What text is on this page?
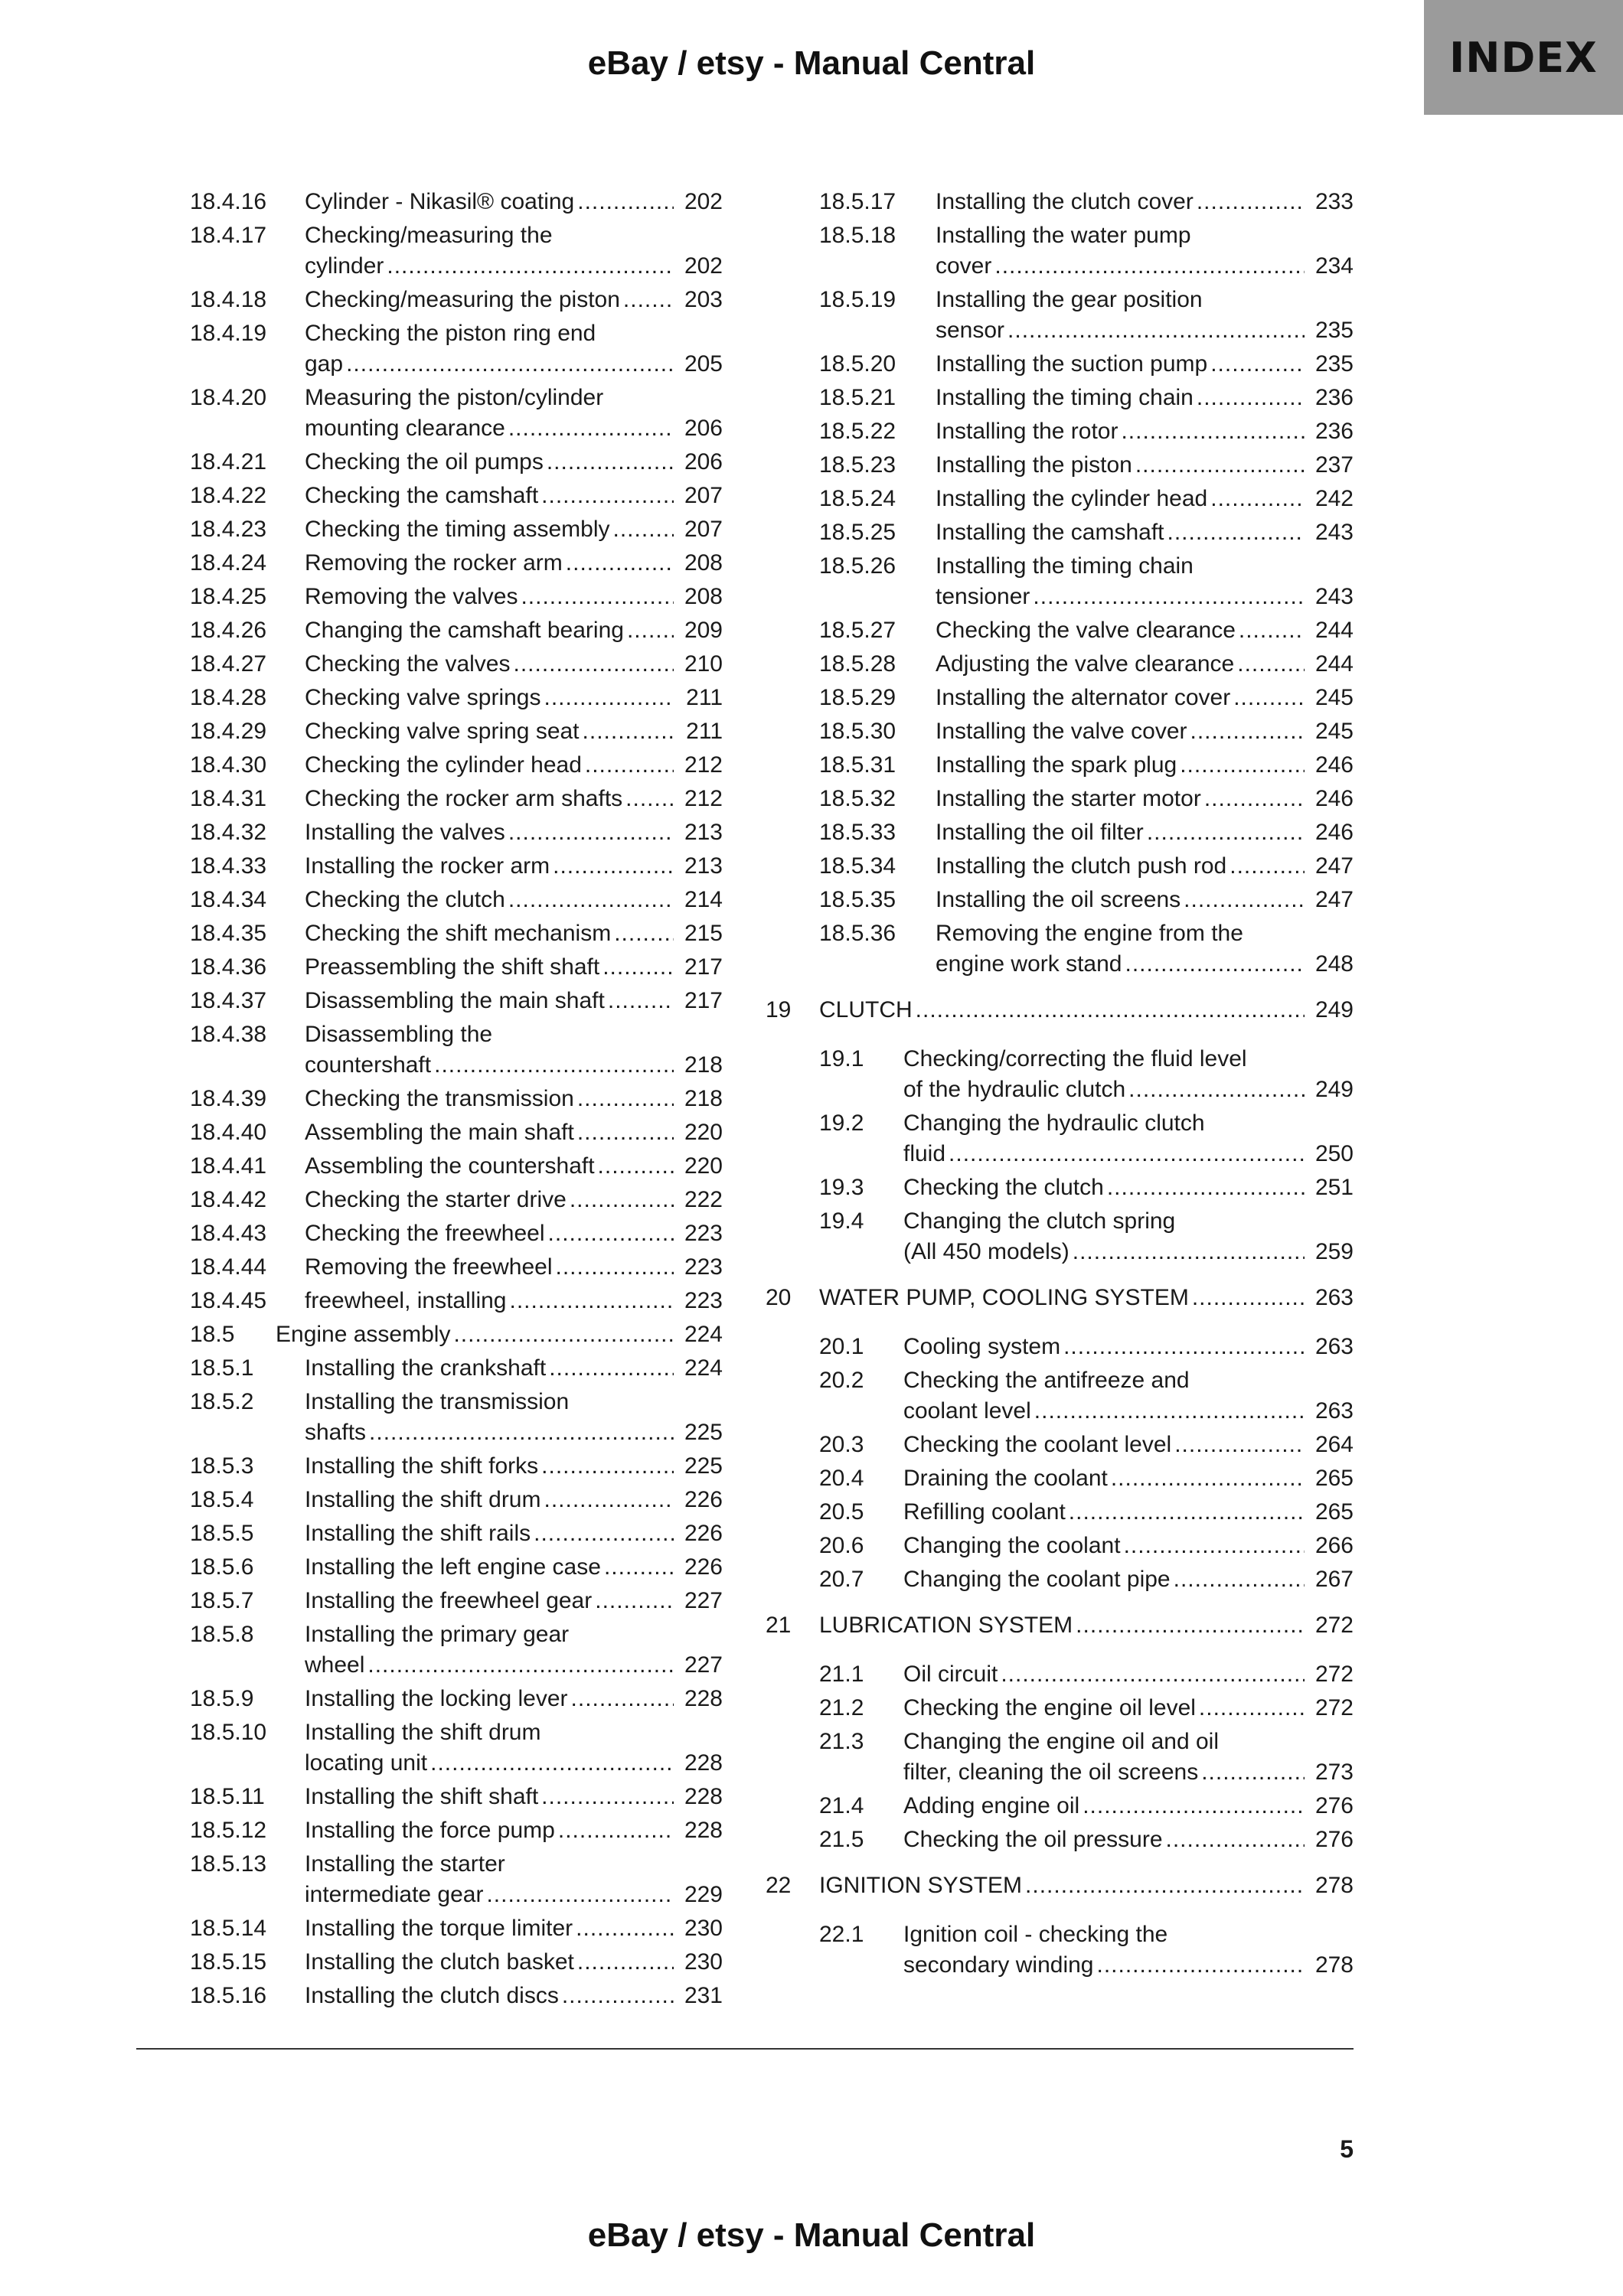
eBay / etsy - Manual Central	INDEX
18.4.16 Cylinder - Nikasil® coating .....	202
18.4.17 Checking/measuring the
cylinder .....	202
18.4.18 Checking/measuring the piston .....	203
18.4.19 Checking the piston ring end
gap .....	205
18.4.20 Measuring the piston/cylinder
mounting clearance .....	206
18.4.21 Checking the oil pumps .....	206
18.4.22 Checking the camshaft .....	207
18.4.23 Checking the timing assembly .....	207
18.4.24 Removing the rocker arm .....	208
18.4.25 Removing the valves .....	208
18.4.26 Changing the camshaft bearing .....	209
18.4.27 Checking the valves .....	210
18.4.28 Checking valve springs .....	211
18.4.29 Checking valve spring seat .....	211
18.4.30 Checking the cylinder head .....	212
18.4.31 Checking the rocker arm shafts .....	212
18.4.32 Installing the valves .....	213
18.4.33 Installing the rocker arm .....	213
18.4.34 Checking the clutch .....	214
18.4.35 Checking the shift mechanism .....	215
18.4.36 Preassembling the shift shaft .....	217
18.4.37 Disassembling the main shaft .....	217
18.4.38 Disassembling the
countershaft .....	218
18.4.39 Checking the transmission .....	218
18.4.40 Assembling the main shaft .....	220
18.4.41 Assembling the countershaft .....	220
18.4.42 Checking the starter drive .....	222
18.4.43 Checking the freewheel .....	223
18.4.44 Removing the freewheel .....	223
18.4.45 freewheel, installing .....	223
18.5 Engine assembly .....	224
18.5.1 Installing the crankshaft .....	224
18.5.2 Installing the transmission
shafts .....	225
18.5.3 Installing the shift forks .....	225
18.5.4 Installing the shift drum .....	226
18.5.5 Installing the shift rails .....	226
18.5.6 Installing the left engine case .....	226
18.5.7 Installing the freewheel gear .....	227
18.5.8 Installing the primary gear
wheel .....	227
18.5.9 Installing the locking lever .....	228
18.5.10 Installing the shift drum
locating unit .....	228
18.5.11 Installing the shift shaft .....	228
18.5.12 Installing the force pump .....	228
18.5.13 Installing the starter
intermediate gear .....	229
18.5.14 Installing the torque limiter .....	230
18.5.15 Installing the clutch basket .....	230
18.5.16 Installing the clutch discs .....	231
18.5.17 Installing the clutch cover .....	233
18.5.18 Installing the water pump
cover .....	234
18.5.19 Installing the gear position
sensor .....	235
18.5.20 Installing the suction pump .....	235
18.5.21 Installing the timing chain .....	236
18.5.22 Installing the rotor .....	236
18.5.23 Installing the piston .....	237
18.5.24 Installing the cylinder head .....	242
18.5.25 Installing the camshaft .....	243
18.5.26 Installing the timing chain
tensioner .....	243
18.5.27 Checking the valve clearance .....	244
18.5.28 Adjusting the valve clearance .....	244
18.5.29 Installing the alternator cover .....	245
18.5.30 Installing the valve cover .....	245
18.5.31 Installing the spark plug .....	246
18.5.32 Installing the starter motor .....	246
18.5.33 Installing the oil filter .....	246
18.5.34 Installing the clutch push rod .....	247
18.5.35 Installing the oil screens .....	247
18.5.36 Removing the engine from the
engine work stand .....	248
19 CLUTCH .....	249
19.1 Checking/correcting the fluid level
of the hydraulic clutch .....	249
19.2 Changing the hydraulic clutch
fluid .....	250
19.3 Checking the clutch .....	251
19.4 Changing the clutch spring
(All 450 models) .....	259
20 WATER PUMP, COOLING SYSTEM .....	263
20.1 Cooling system .....	263
20.2 Checking the antifreeze and
coolant level .....	263
20.3 Checking the coolant level .....	264
20.4 Draining the coolant .....	265
20.5 Refilling coolant .....	265
20.6 Changing the coolant .....	266
20.7 Changing the coolant pipe .....	267
21 LUBRICATION SYSTEM .....	272
21.1 Oil circuit .....	272
21.2 Checking the engine oil level .....	272
21.3 Changing the engine oil and oil
filter, cleaning the oil screens .....	273
21.4 Adding engine oil .....	276
21.5 Checking the oil pressure .....	276
22 IGNITION SYSTEM .....	278
22.1 Ignition coil - checking the
secondary winding .....	278
5
eBay / etsy - Manual Central
